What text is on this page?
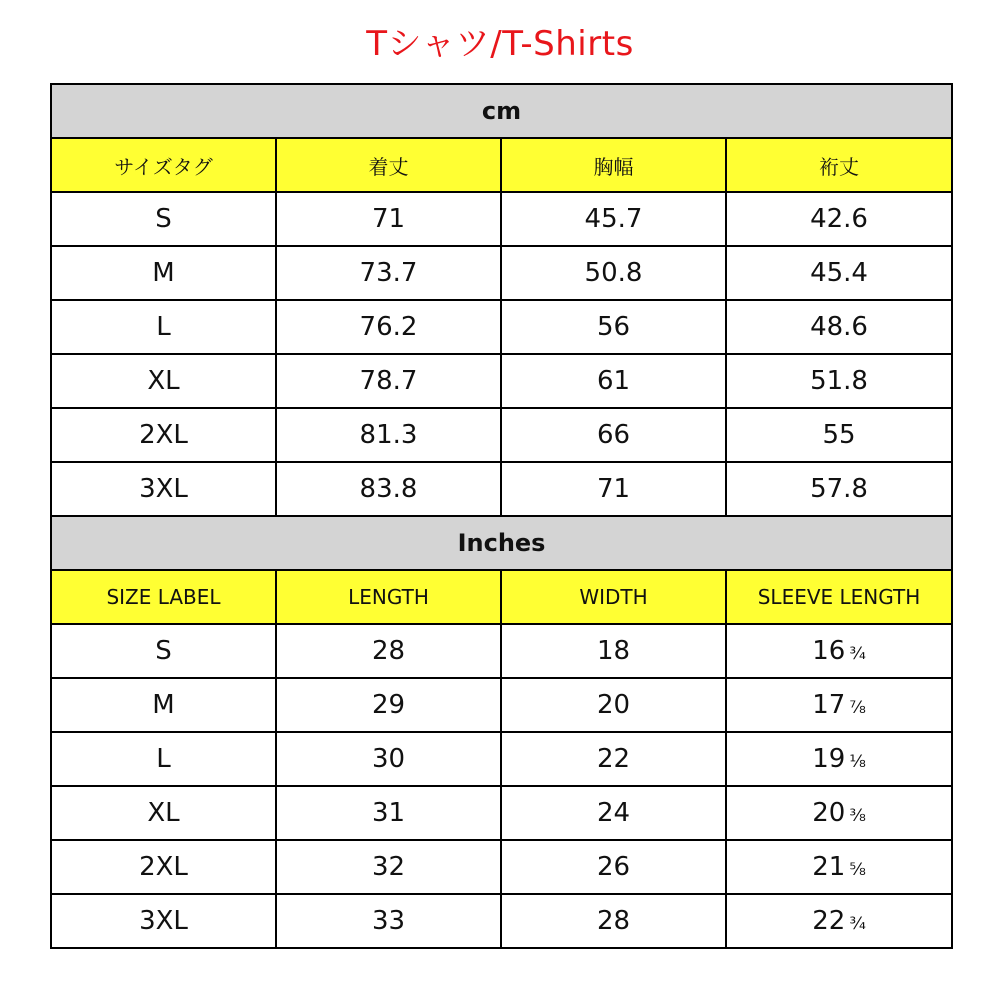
Tシャツ/T-Shirts
cm			
サイズタグ	着丈	胸幅	裄丈
S	71	45.7	42.6
M	73.7	50.8	45.4
L	76.2	56	48.6
XL	78.7	61	51.8
2XL	81.3	66	55
3XL	83.8	71	57.8
Inches			
SIZE LABEL	LENGTH	WIDTH	SLEEVE LENGTH
S	28	18	16 ¾
M	29	20	17 ⅞
L	30	22	19 ⅛
XL	31	24	20 ⅜
2XL	32	26	21 ⅝
3XL	33	28	22 ¾
